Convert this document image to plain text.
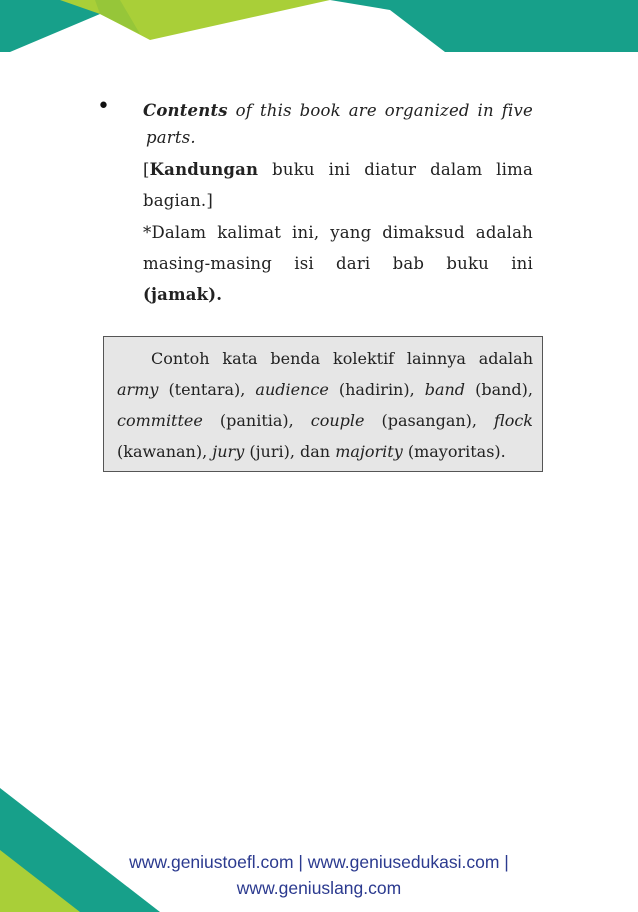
• Contents of this book are organized in five
parts.
[Kandungan buku ini diatur dalam lima
bagian.]
*Dalam kalimat ini, yang dimaksud adalah
masing-masing isi dari bab buku ini
(jamak).
Contoh kata benda kolektif lainnya adalah
army (tentara), audience (hadirin), band (band),
committee (panitia), couple (pasangan), flock
(kawanan), jury (juri), dan majority (mayoritas).
www.geniustoefl.com | www.geniusedukasi.com |
www.geniuslang.com
